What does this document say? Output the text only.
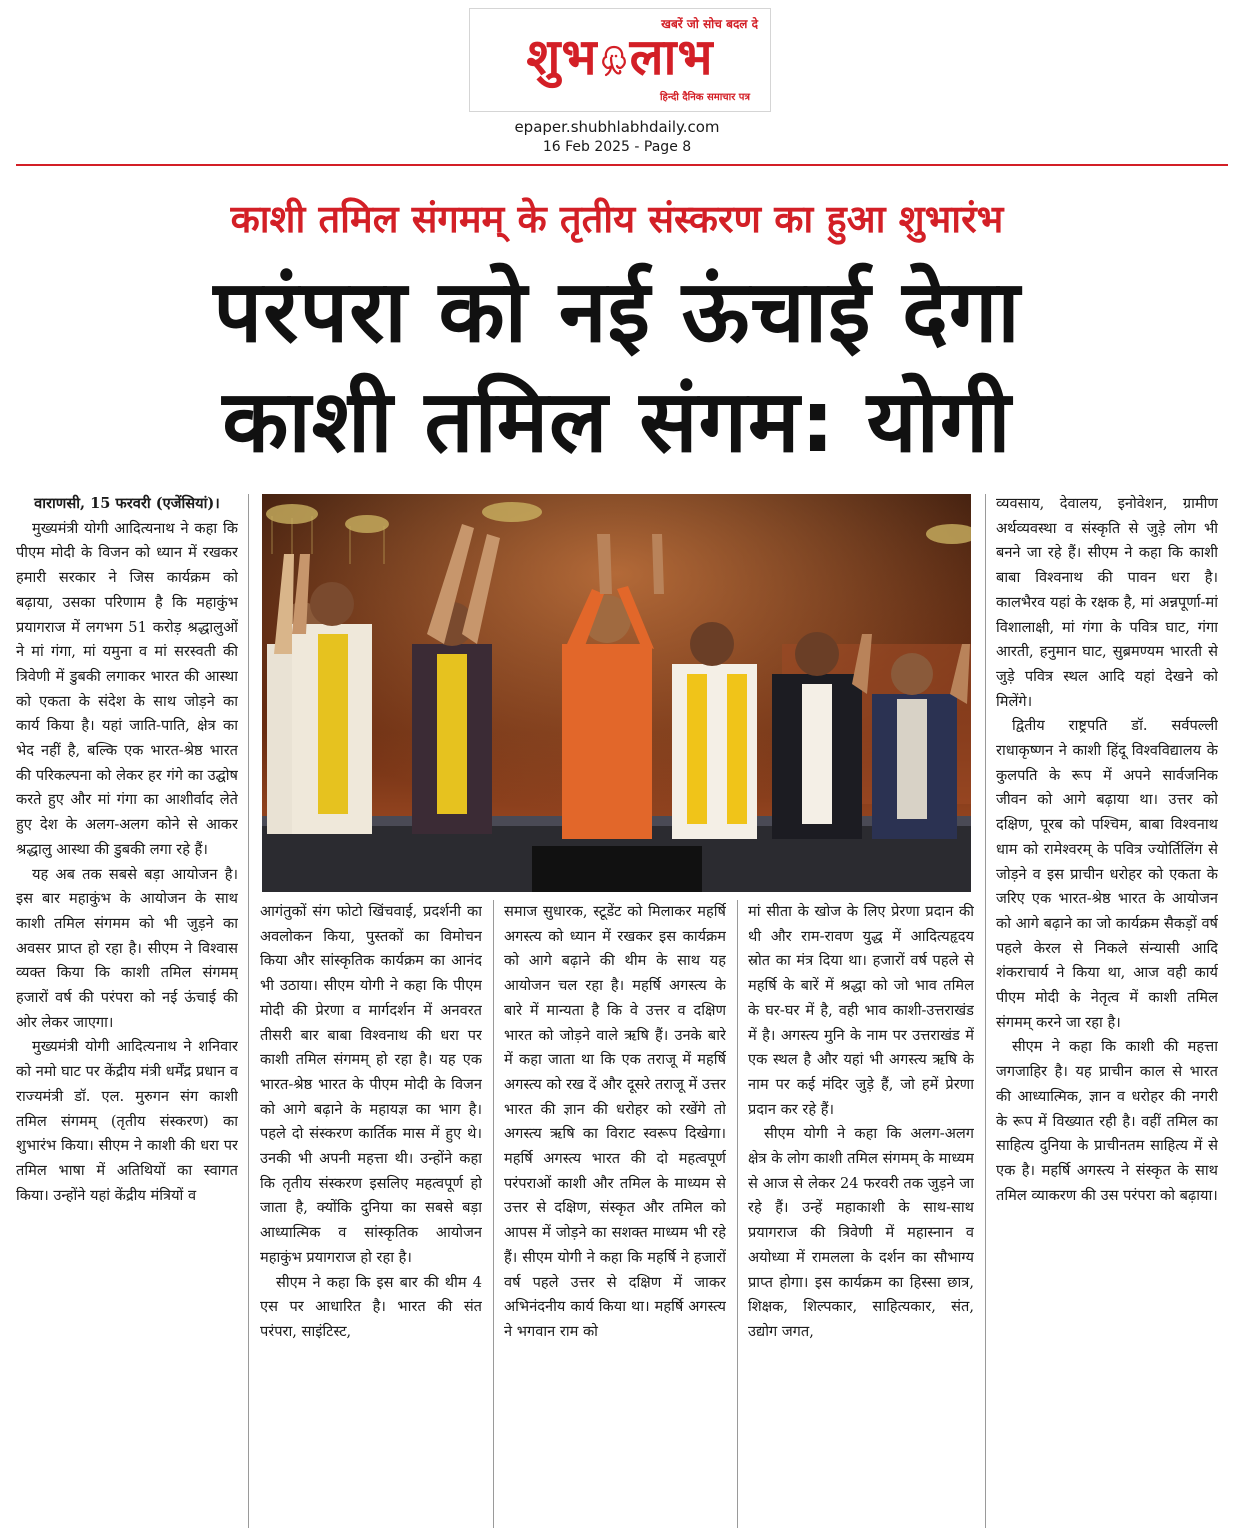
खबरें जो सोच बदल दे
शुभ लाभ
हिन्दी दैनिक समाचार पत्र
epaper.shubhlabhdaily.com
16 Feb 2025 - Page 8
काशी तमिल संगमम् के तृतीय संस्करण का हुआ शुभारंभ
परंपरा को नई ऊंचाई देगा
काशी तमिल संगम: योगी

वाराणसी, 15 फरवरी (एजेंसियां)।

मुख्यमंत्री योगी आदित्यनाथ ने कहा कि पीएम मोदी के विजन को ध्यान में रखकर हमारी सरकार ने जिस कार्यक्रम को बढ़ाया, उसका परिणाम है कि महाकुंभ प्रयागराज में लगभग 51 करोड़ श्रद्धालुओं ने मां गंगा, मां यमुना व मां सरस्वती की त्रिवेणी में डुबकी लगाकर भारत की आस्था को एकता के संदेश के साथ जोड़ने का कार्य किया है। यहां जाति-पाति, क्षेत्र का भेद नहीं है, बल्कि एक भारत-श्रेष्ठ भारत की परिकल्पना को लेकर हर गंगे का उद्घोष करते हुए और मां गंगा का आशीर्वाद लेते हुए देश के अलग-अलग कोने से आकर श्रद्धालु आस्था की डुबकी लगा रहे हैं।

यह अब तक सबसे बड़ा आयोजन है। इस बार महाकुंभ के आयोजन के साथ काशी तमिल संगमम को भी जुड़ने का अवसर प्राप्त हो रहा है। सीएम ने विश्वास व्यक्त किया कि काशी तमिल संगमम् हजारों वर्ष की परंपरा को नई ऊंचाई की ओर लेकर जाएगा।

मुख्यमंत्री योगी आदित्यनाथ ने शनिवार को नमो घाट पर केंद्रीय मंत्री धर्मेंद्र प्रधान व राज्यमंत्री डॉ. एल. मुरुगन संग काशी तमिल संगमम् (तृतीय संस्करण) का शुभारंभ किया। सीएम ने काशी की धरा पर तमिल भाषा में अतिथियों का स्वागत किया। उन्होंने यहां केंद्रीय मंत्रियों व

आगंतुकों संग फोटो खिंचवाई, प्रदर्शनी का अवलोकन किया, पुस्तकों का विमोचन किया और सांस्कृतिक कार्यक्रम का आनंद भी उठाया। सीएम योगी ने कहा कि पीएम मोदी की प्रेरणा व मार्गदर्शन में अनवरत तीसरी बार बाबा विश्वनाथ की धरा पर काशी तमिल संगमम् हो रहा है। यह एक भारत-श्रेष्ठ भारत के पीएम मोदी के विजन को आगे बढ़ाने के महायज्ञ का भाग है। पहले दो संस्करण कार्तिक मास में हुए थे। उनकी भी अपनी महत्ता थी। उन्होंने कहा कि तृतीय संस्करण इसलिए महत्वपूर्ण हो जाता है, क्योंकि दुनिया का सबसे बड़ा आध्यात्मिक व सांस्कृतिक आयोजन महाकुंभ प्रयागराज हो रहा है।

सीएम ने कहा कि इस बार की थीम 4 एस पर आधारित है। भारत की संत परंपरा, साइंटिस्ट,

समाज सुधारक, स्टूडेंट को मिलाकर महर्षि अगस्त्य को ध्यान में रखकर इस कार्यक्रम को आगे बढ़ाने की थीम के साथ यह आयोजन चल रहा है। महर्षि अगस्त्य के बारे में मान्यता है कि वे उत्तर व दक्षिण भारत को जोड़ने वाले ऋषि हैं। उनके बारे में कहा जाता था कि एक तराजू में महर्षि अगस्त्य को रख दें और दूसरे तराजू में उत्तर भारत की ज्ञान की धरोहर को रखेंगे तो अगस्त्य ऋषि का विराट स्वरूप दिखेगा। महर्षि अगस्त्य भारत की दो महत्वपूर्ण परंपराओं काशी और तमिल के माध्यम से उत्तर से दक्षिण, संस्कृत और तमिल को आपस में जोड़ने का सशक्त माध्यम भी रहे हैं। सीएम योगी ने कहा कि महर्षि ने हजारों वर्ष पहले उत्तर से दक्षिण में जाकर अभिनंदनीय कार्य किया था। महर्षि अगस्त्य ने भगवान राम को

मां सीता के खोज के लिए प्रेरणा प्रदान की थी और राम-रावण युद्ध में आदित्यहृदय स्रोत का मंत्र दिया था। हजारों वर्ष पहले से महर्षि के बारें में श्रद्धा को जो भाव तमिल के घर-घर में है, वही भाव काशी-उत्तराखंड में है। अगस्त्य मुनि के नाम पर उत्तराखंड में एक स्थल है और यहां भी अगस्त्य ऋषि के नाम पर कई मंदिर जुड़े हैं, जो हमें प्रेरणा प्रदान कर रहे हैं।

सीएम योगी ने कहा कि अलग-अलग क्षेत्र के लोग काशी तमिल संगमम् के माध्यम से आज से लेकर 24 फरवरी तक जुड़ने जा रहे हैं। उन्हें महाकाशी के साथ-साथ प्रयागराज की त्रिवेणी में महास्नान व अयोध्या में रामलला के दर्शन का सौभाग्य प्राप्त होगा। इस कार्यक्रम का हिस्सा छात्र, शिक्षक, शिल्पकार, साहित्यकार, संत, उद्योग जगत,

व्यवसाय, देवालय, इनोवेशन, ग्रामीण अर्थव्यवस्था व संस्कृति से जुड़े लोग भी बनने जा रहे हैं। सीएम ने कहा कि काशी बाबा विश्वनाथ की पावन धरा है। कालभैरव यहां के रक्षक है, मां अन्नपूर्णा-मां विशालाक्षी, मां गंगा के पवित्र घाट, गंगा आरती, हनुमान घाट, सुब्रमण्यम भारती से जुड़े पवित्र स्थल आदि यहां देखने को मिलेंगे।

द्वितीय राष्ट्रपति डॉ. सर्वपल्ली राधाकृष्णन ने काशी हिंदू विश्वविद्यालय के कुलपति के रूप में अपने सार्वजनिक जीवन को आगे बढ़ाया था। उत्तर को दक्षिण, पूरब को पश्चिम, बाबा विश्वनाथ धाम को रामेश्वरम् के पवित्र ज्योर्तिलिंग से जोड़ने व इस प्राचीन धरोहर को एकता के जरिए एक भारत-श्रेष्ठ भारत के आयोजन को आगे बढ़ाने का जो कार्यक्रम सैकड़ों वर्ष पहले केरल से निकले संन्यासी आदि शंकराचार्य ने किया था, आज वही कार्य पीएम मोदी के नेतृत्व में काशी तमिल संगमम् करने जा रहा है।

सीएम ने कहा कि काशी की महत्ता जगजाहिर है। यह प्राचीन काल से भारत की आध्यात्मिक, ज्ञान व धरोहर की नगरी के रूप में विख्यात रही है। वहीं तमिल का साहित्य दुनिया के प्राचीनतम साहित्य में से एक है। महर्षि अगस्त्य ने संस्कृत के साथ तमिल व्याकरण की उस परंपरा को बढ़ाया।
